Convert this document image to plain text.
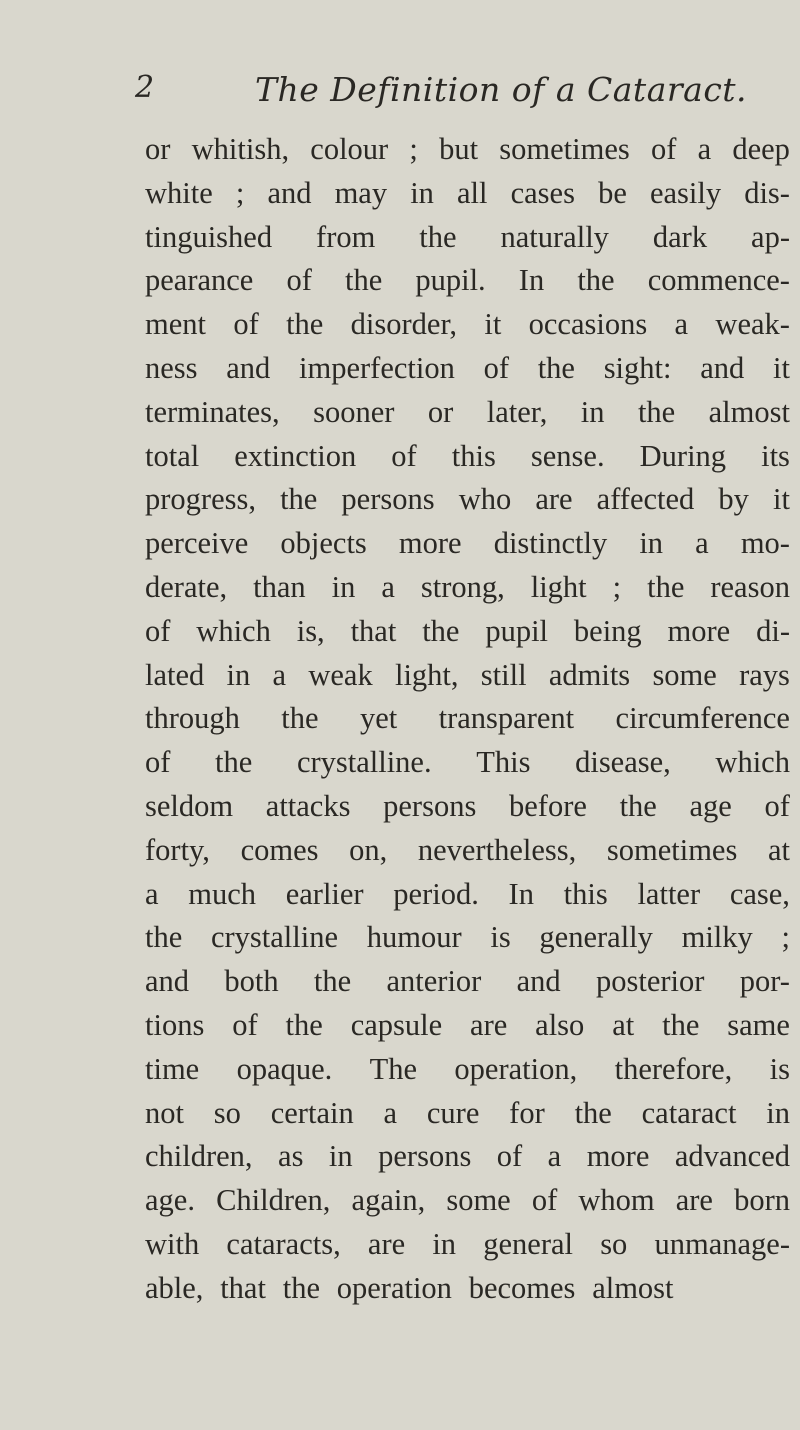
2	The Definition of a Cataract.
or whitish, colour ; but sometimes of a deep
white ; and may in all cases be easily dis-
tinguished from the naturally dark ap-
pearance of the pupil. In the commence-
ment of the disorder, it occasions a weak-
ness and imperfection of the sight: and it
terminates, sooner or later, in the almost
total extinction of this sense. During its
progress, the persons who are affected by it
perceive objects more distinctly in a mo-
derate, than in a strong, light ; the reason
of which is, that the pupil being more di-
lated in a weak light, still admits some rays
through the yet transparent circumference
of the crystalline. This disease, which
seldom attacks persons before the age of
forty, comes on, nevertheless, sometimes at
a much earlier period. In this latter case,
the crystalline humour is generally milky ;
and both the anterior and posterior por-
tions of the capsule are also at the same
time opaque. The operation, therefore, is
not so certain a cure for the cataract in
children, as in persons of a more advanced
age. Children, again, some of whom are born
with cataracts, are in general so unmanage-
able, that the operation becomes almost
